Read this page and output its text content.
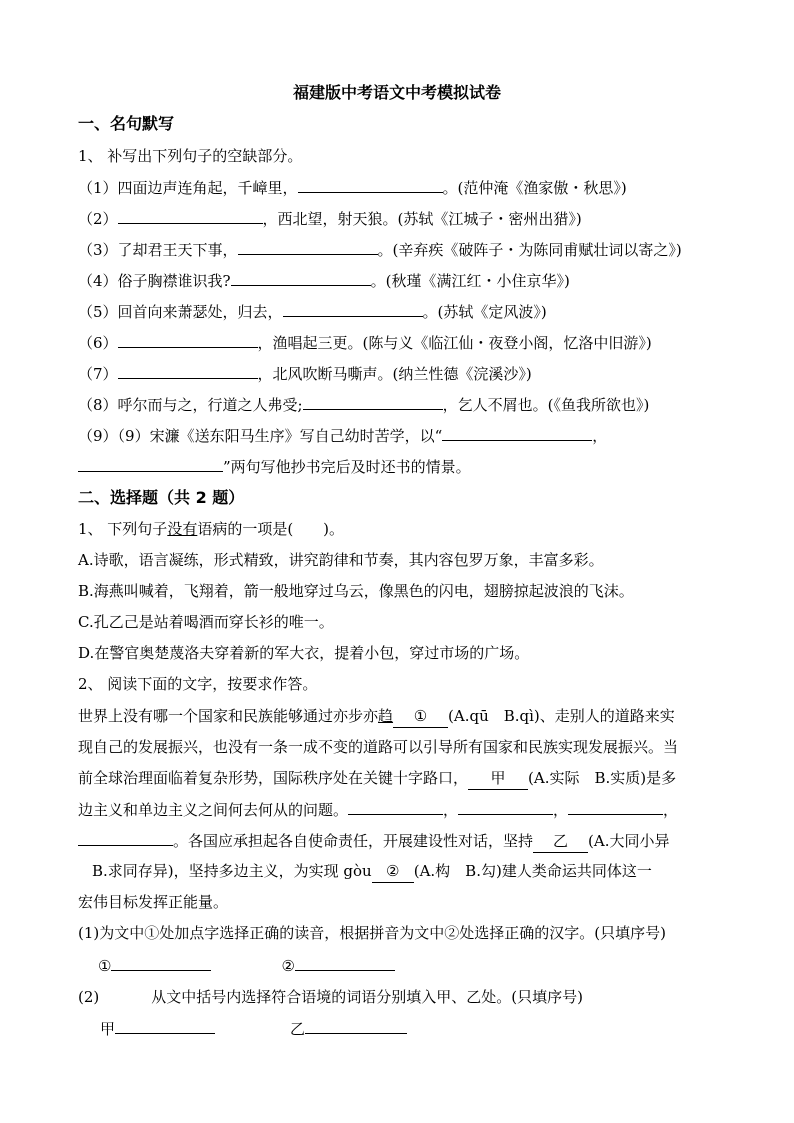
福建版中考语文中考模拟试卷
一、名句默写
1、 补写出下列句子的空缺部分。
（1）四面边声连角起，千嶂里，	。(范仲淹《渔家傲・秋思》)
（2）	，西北望，射天狼。(苏轼《江城子・密州出猎》)
（3）了却君王天下事，	。(辛弃疾《破阵子・为陈同甫赋壮词以寄之》)
（4）俗子胸襟谁识我?	。(秋瑾《满江红・小住京华》)
（5）回首向来萧瑟处，归去，	。(苏轼《定风波》)
（6）	，渔唱起三更。(陈与义《临江仙・夜登小阁，忆洛中旧游》)
（7）	，北风吹断马嘶声。(纳兰性德《浣溪沙》)
（8）呼尔而与之，行道之人弗受;	，乞人不屑也。(《鱼我所欲也》)
（9）（9）宋濂《送东阳马生序》写自己幼时苦学，以“	，
”两句写他抄书完后及时还书的情景。
二、选择题（共 2 题）
1、 下列句子没有语病的一项是(　　)。
A.诗歌，语言凝练，形式精致，讲究韵律和节奏，其内容包罗万象，丰富多彩。
B.海燕叫喊着，飞翔着，箭一般地穿过乌云，像黑色的闪电，翅膀掠起波浪的飞沫。
C.孔乙己是站着喝酒而穿长衫的唯一。
D.在警官奥楚蔑洛夫穿着新的军大衣，提着小包，穿过市场的广场。
2、 阅读下面的文字，按要求作答。
世界上没有哪一个国家和民族能够通过亦步亦趋 ① (A.qū　B.qì)、走别人的道路来实
现自己的发展振兴，也没有一条一成不变的道路可以引导所有国家和民族实现发展振兴。当
前全球治理面临着复杂形势，国际秩序处在关键十字路口， 甲 (A.实际　B.实质)是多
边主义和单边主义之间何去何从的问题。	，	，	，
。各国应承担起各自使命责任，开展建设性对话，坚持 乙 (A.大同小异
B.求同存异)，坚持多边主义，为实现 gòu ② (A.构　B.勾)建人类命运共同体这一
宏伟目标发挥正能量。
(1)为文中①处加点字选择正确的读音，根据拼音为文中②处选择正确的汉字。(只填序号)
①	②
(2)	从文中括号内选择符合语境的词语分别填入甲、乙处。(只填序号)
甲	乙
